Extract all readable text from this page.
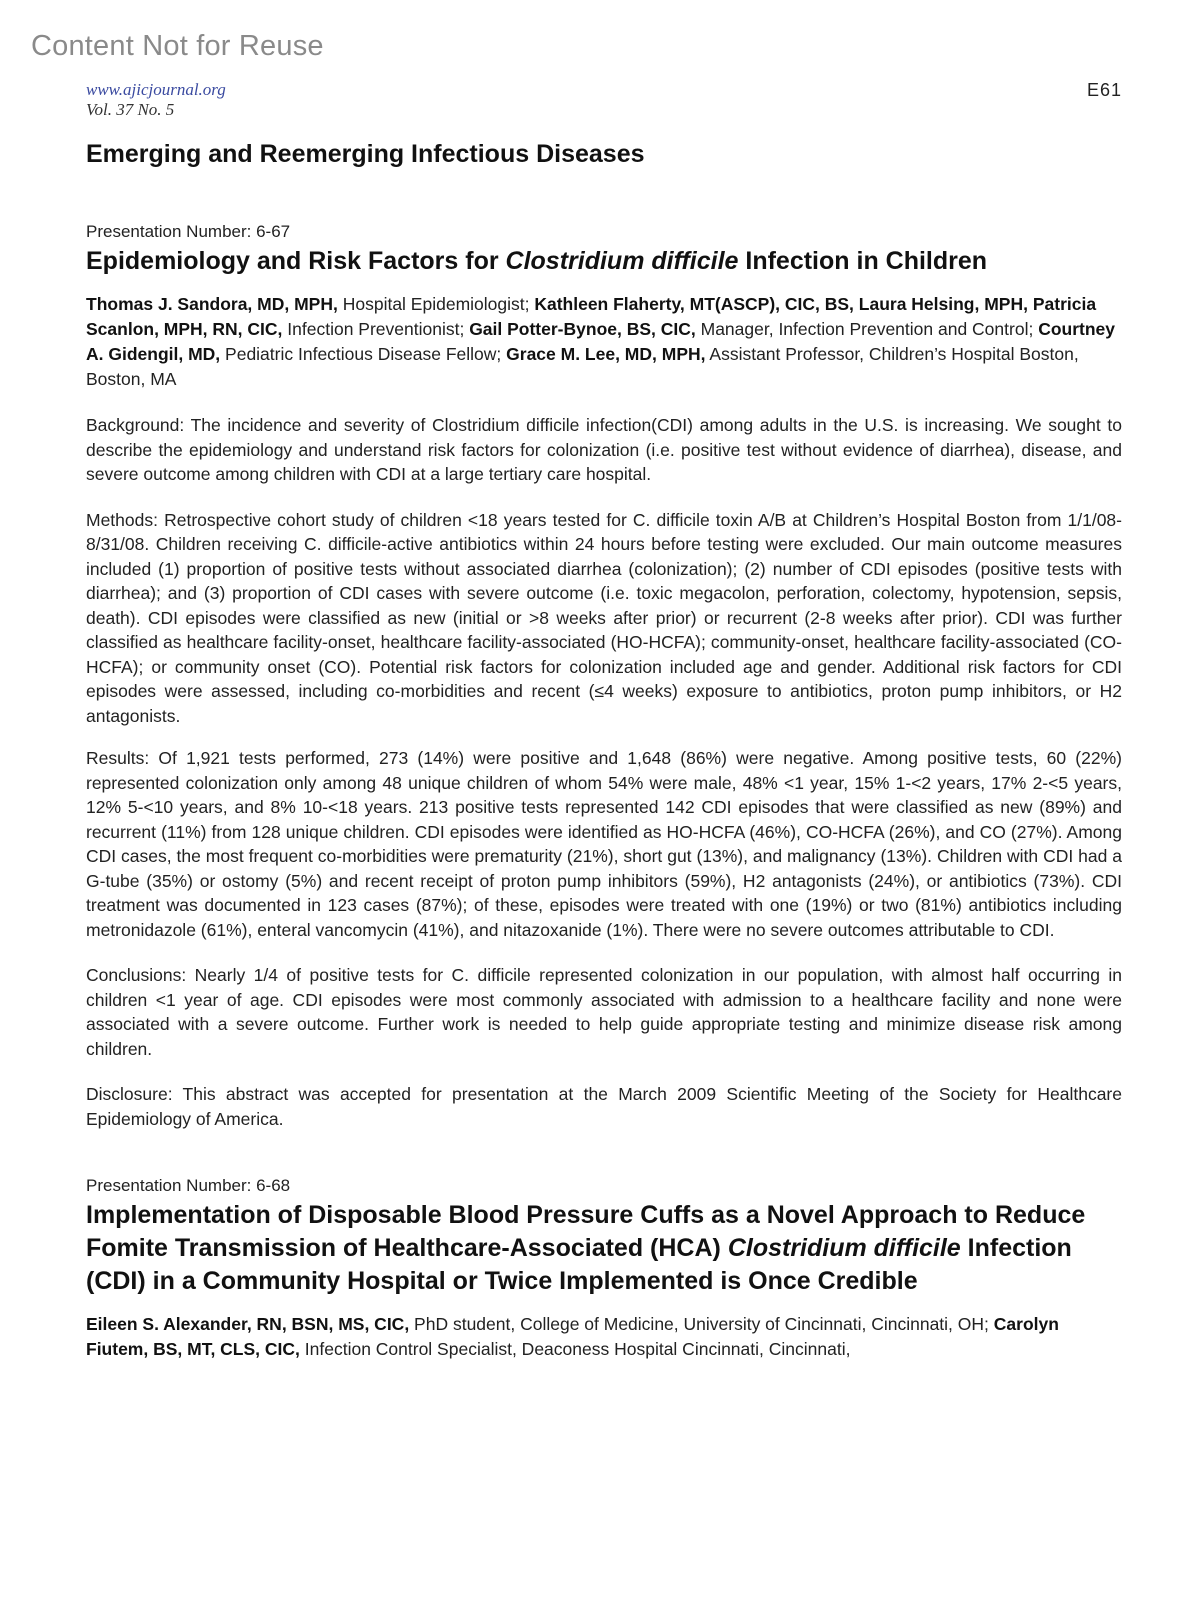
Content Not for Reuse
www.ajicjournal.org
Vol. 37 No. 5
E61
Emerging and Reemerging Infectious Diseases
Presentation Number: 6-67
Epidemiology and Risk Factors for Clostridium difficile Infection in Children
Thomas J. Sandora, MD, MPH, Hospital Epidemiologist; Kathleen Flaherty, MT(ASCP), CIC, BS, Laura Helsing, MPH, Patricia Scanlon, MPH, RN, CIC, Infection Preventionist; Gail Potter-Bynoe, BS, CIC, Manager, Infection Prevention and Control; Courtney A. Gidengil, MD, Pediatric Infectious Disease Fellow; Grace M. Lee, MD, MPH, Assistant Professor, Children’s Hospital Boston, Boston, MA
Background: The incidence and severity of Clostridium difficile infection(CDI) among adults in the U.S. is increasing. We sought to describe the epidemiology and understand risk factors for colonization (i.e. positive test without evidence of diarrhea), disease, and severe outcome among children with CDI at a large tertiary care hospital.
Methods: Retrospective cohort study of children <18 years tested for C. difficile toxin A/B at Children’s Hospital Boston from 1/1/08-8/31/08. Children receiving C. difficile-active antibiotics within 24 hours before testing were excluded. Our main outcome measures included (1) proportion of positive tests without associated diarrhea (colonization); (2) number of CDI episodes (positive tests with diarrhea); and (3) proportion of CDI cases with severe outcome (i.e. toxic megacolon, perforation, colectomy, hypotension, sepsis, death). CDI episodes were classified as new (initial or >8 weeks after prior) or recurrent (2-8 weeks after prior). CDI was further classified as healthcare facility-onset, healthcare facility-associated (HO-HCFA); community-onset, healthcare facility-associated (CO-HCFA); or community onset (CO). Potential risk factors for colonization included age and gender. Additional risk factors for CDI episodes were assessed, including co-morbidities and recent (≤4 weeks) exposure to antibiotics, proton pump inhibitors, or H2 antagonists.
Results: Of 1,921 tests performed, 273 (14%) were positive and 1,648 (86%) were negative. Among positive tests, 60 (22%) represented colonization only among 48 unique children of whom 54% were male, 48% <1 year, 15% 1-<2 years, 17% 2-<5 years, 12% 5-<10 years, and 8% 10-<18 years. 213 positive tests represented 142 CDI episodes that were classified as new (89%) and recurrent (11%) from 128 unique children. CDI episodes were identified as HO-HCFA (46%), CO-HCFA (26%), and CO (27%). Among CDI cases, the most frequent co-morbidities were prematurity (21%), short gut (13%), and malignancy (13%). Children with CDI had a G-tube (35%) or ostomy (5%) and recent receipt of proton pump inhibitors (59%), H2 antagonists (24%), or antibiotics (73%). CDI treatment was documented in 123 cases (87%); of these, episodes were treated with one (19%) or two (81%) antibiotics including metronidazole (61%), enteral vancomycin (41%), and nitazoxanide (1%). There were no severe outcomes attributable to CDI.
Conclusions: Nearly 1/4 of positive tests for C. difficile represented colonization in our population, with almost half occurring in children <1 year of age. CDI episodes were most commonly associated with admission to a healthcare facility and none were associated with a severe outcome. Further work is needed to help guide appropriate testing and minimize disease risk among children.
Disclosure: This abstract was accepted for presentation at the March 2009 Scientific Meeting of the Society for Healthcare Epidemiology of America.
Presentation Number: 6-68
Implementation of Disposable Blood Pressure Cuffs as a Novel Approach to Reduce Fomite Transmission of Healthcare-Associated (HCA) Clostridium difficile Infection (CDI) in a Community Hospital or Twice Implemented is Once Credible
Eileen S. Alexander, RN, BSN, MS, CIC, PhD student, College of Medicine, University of Cincinnati, Cincinnati, OH; Carolyn Fiutem, BS, MT, CLS, CIC, Infection Control Specialist, Deaconess Hospital Cincinnati, Cincinnati,
